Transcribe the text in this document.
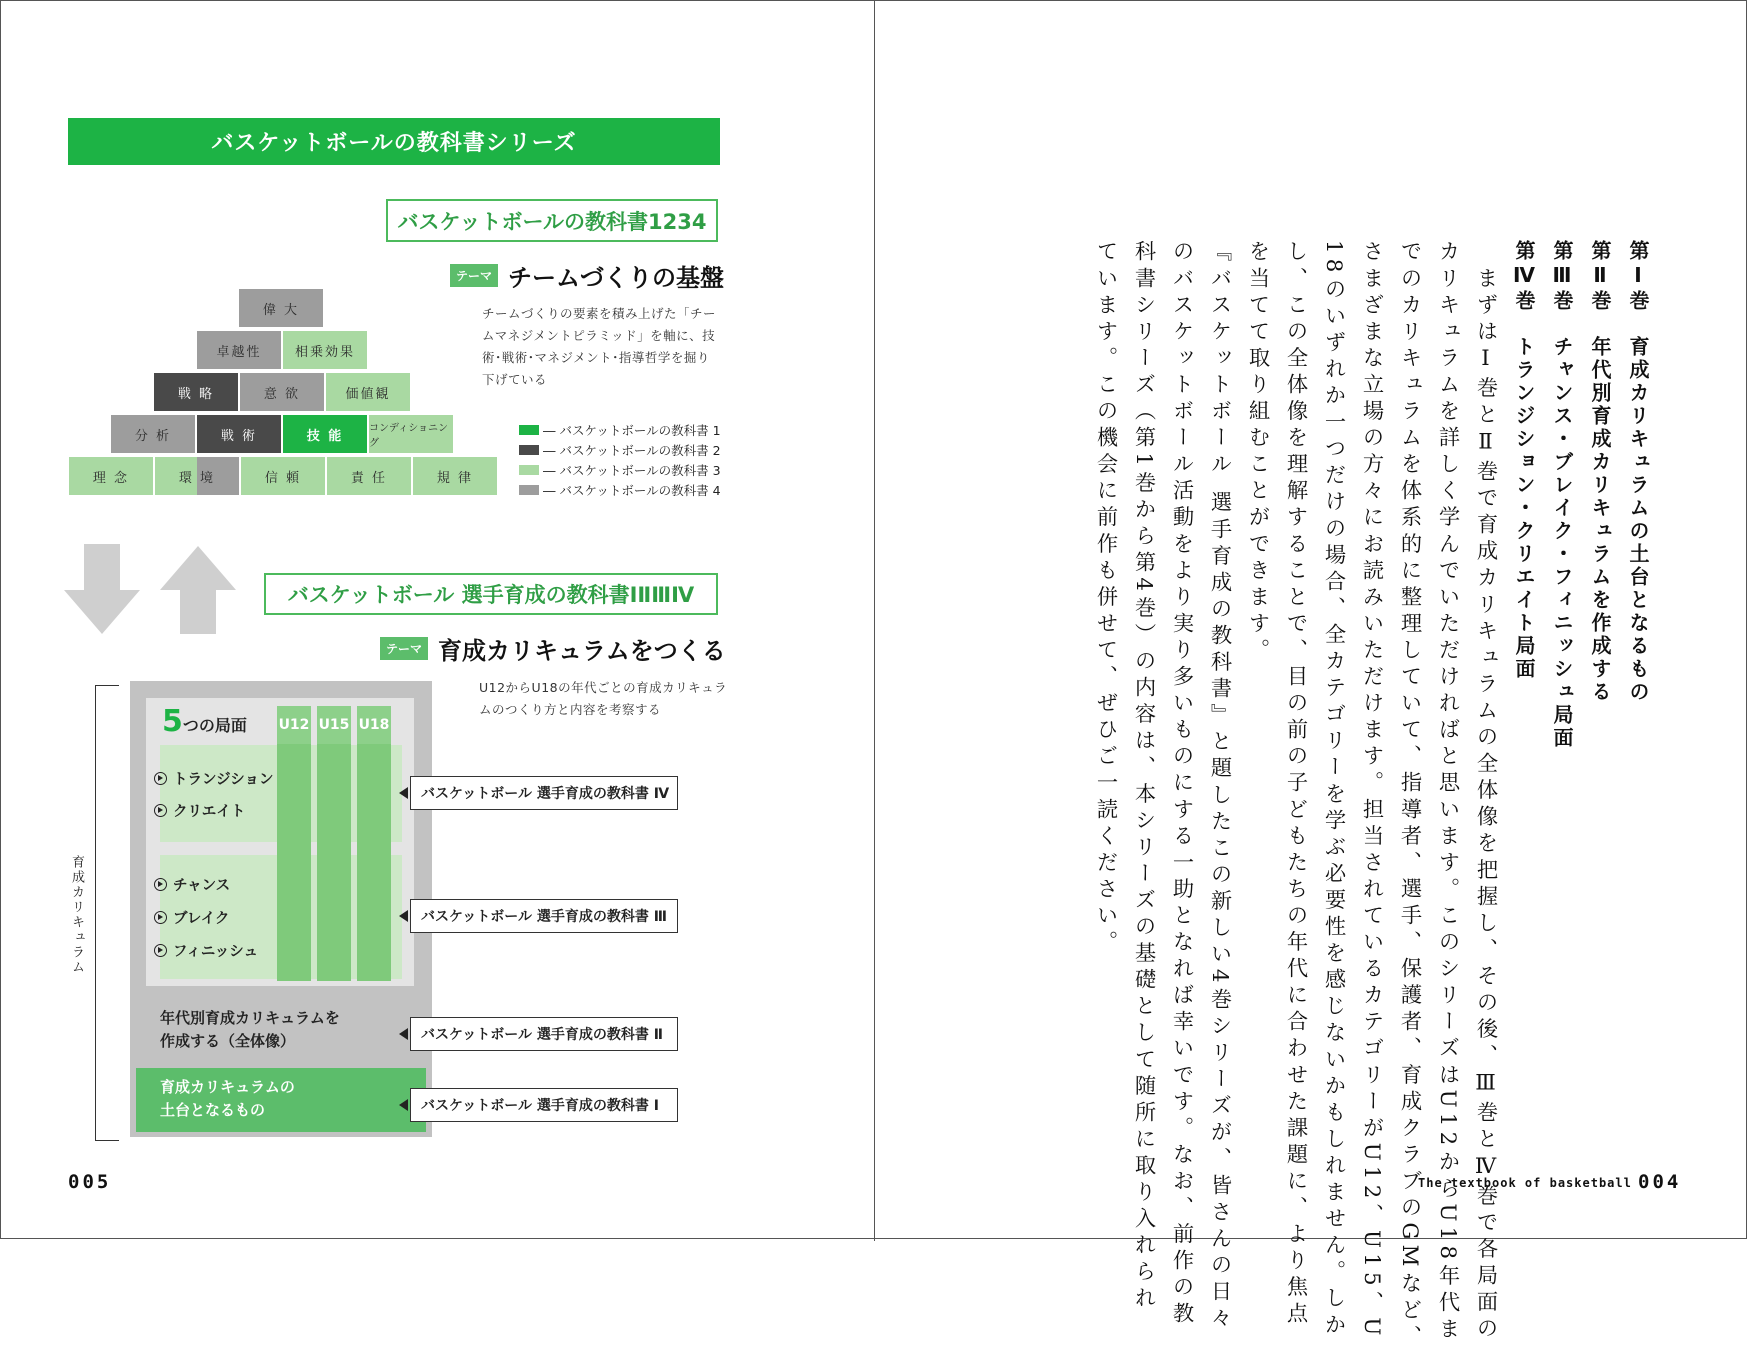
バスケットボールの教科書シリーズ
バスケットボールの教科書1234
テーマ チームづくりの基盤
チームづくりの要素を積み上げた「チームマネジメントピラミッド」を軸に、技術･戦術･マネジメント･指導哲学を掘り下げている
偉 大
卓越性	相乗効果
戦 略	意 欲	価値観
分 析	戦 術	技 能	コンディショニング
理 念	環 境	信 頼	責 任	規 律
― バスケットボールの教科書 1
― バスケットボールの教科書 2
― バスケットボールの教科書 3
― バスケットボールの教科書 4
バスケットボール 選手育成の教科書ⅠⅡⅢⅣ
テーマ 育成カリキュラムをつくる
U12からU18の年代ごとの育成カリキュラムのつくり方と内容を考察する
育成カリキュラム
5つの局面 U12 U15 U18
トランジション
クリエイト
チャンス
ブレイク
フィニッシュ
年代別育成カリキュラムを
作成する（全体像）
育成カリキュラムの
土台となるもの
バスケットボール 選手育成の教科書 Ⅳ
バスケットボール 選手育成の教科書 Ⅲ
バスケットボール 選手育成の教科書 Ⅱ
バスケットボール 選手育成の教科書 Ⅰ
005
第Ⅰ巻　育成カリキュラムの土台となるもの
第Ⅱ巻　年代別育成カリキュラムを作成する
第Ⅲ巻　チャンス・ブレイク・フィニッシュ局面
第Ⅳ巻　トランジション・クリエイト局面
　まずはⅠ巻とⅡ巻で育成カリキュラムの全体像を把握し、その後、Ⅲ巻とⅣ巻で各局面の
カリキュラムを詳しく学んでいただければと思います。このシリーズはU12からU18年代ま
でのカリキュラムを体系的に整理していて、指導者、選手、保護者、育成クラブのGMなど、
さまざまな立場の方々にお読みいただけます。担当されているカテゴリーがU12、U15、U
18のいずれか一つだけの場合、全カテゴリーを学ぶ必要性を感じないかもしれません。しか
し、この全体像を理解することで、目の前の子どもたちの年代に合わせた課題に、より焦点
を当てて取り組むことができます。
『バスケットボール 選手育成の教科書』と題したこの新しい4巻シリーズが、皆さんの日々
のバスケットボール活動をより実り多いものにする一助となれば幸いです。なお、前作の教
科書シリーズ（第1巻から第4巻）の内容は、本シリーズの基礎として随所に取り入れられ
ています。この機会に前作も併せて、ぜひご一読ください。
The textbook of basketball 004
